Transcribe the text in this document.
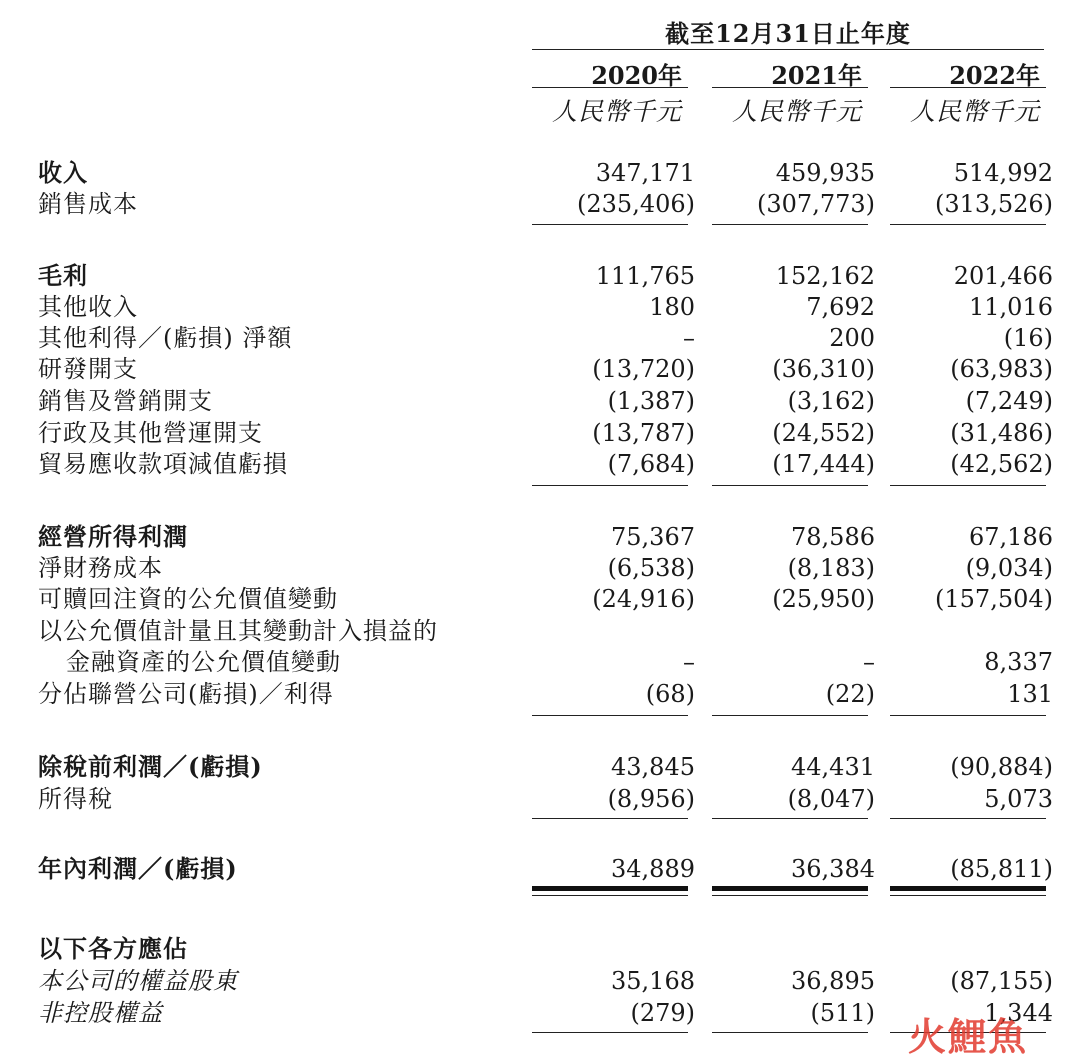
截至12月31日止年度
2020年	2021年	2022年
人民幣千元	人民幣千元	人民幣千元
收入	347,171	459,935	514,992
銷售成本	(235,406)	(307,773)	(313,526)
毛利	111,765	152,162	201,466
其他收入	180	7,692	11,016
其他利得／(虧損) 淨額	–	200	(16)
研發開支	(13,720)	(36,310)	(63,983)
銷售及營銷開支	(1,387)	(3,162)	(7,249)
行政及其他營運開支	(13,787)	(24,552)	(31,486)
貿易應收款項減值虧損	(7,684)	(17,444)	(42,562)
經營所得利潤	75,367	78,586	67,186
淨財務成本	(6,538)	(8,183)	(9,034)
可贖回注資的公允價值變動	(24,916)	(25,950)	(157,504)
以公允價值計量且其變動計入損益的
金融資產的公允價值變動	–	–	8,337
分佔聯營公司(虧損)／利得	(68)	(22)	131
除稅前利潤／(虧損)	43,845	44,431	(90,884)
所得稅	(8,956)	(8,047)	5,073
年內利潤／(虧損)	34,889	36,384	(85,811)
以下各方應佔
本公司的權益股東	35,168	36,895	(87,155)
非控股權益	(279)	(511)	1,344
火鯉魚
